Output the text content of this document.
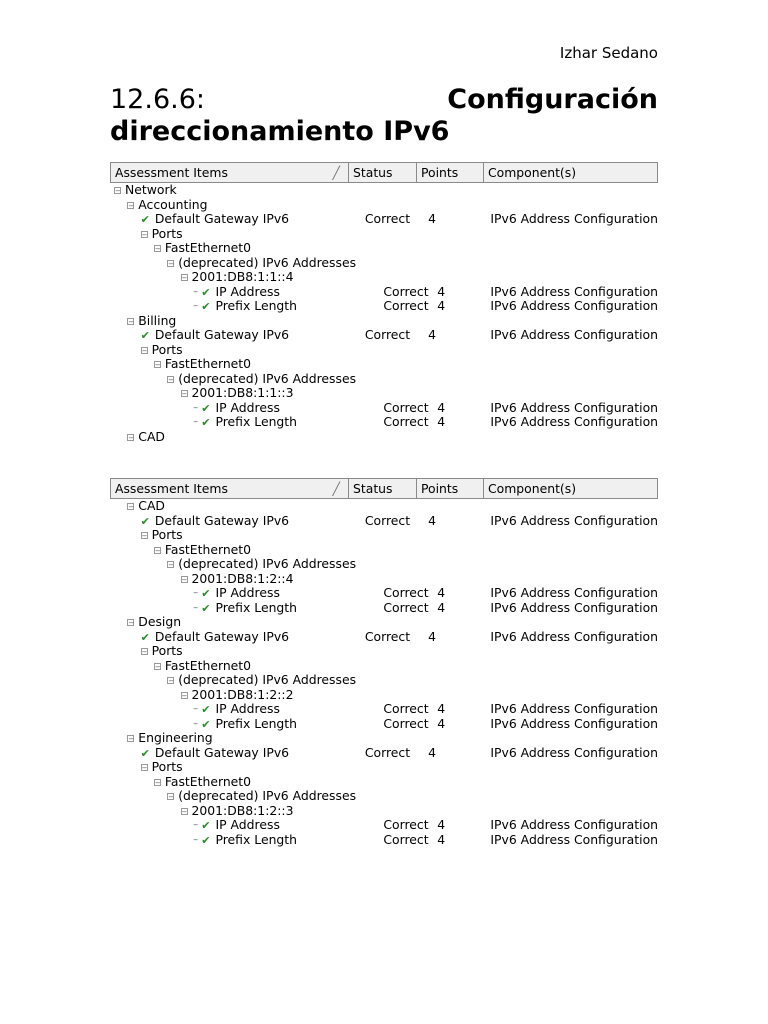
Izhar Sedano
12.6.6:	Configuración
direccionamiento IPv6
Assessment Items	╱	Status	Points	Component(s)
− Network
− Accounting
✔ Default Gateway IPv6	Correct	4	IPv6 Address Configuration
− Ports
− FastEthernet0
− (deprecated) IPv6 Addresses
− 2001:DB8:1:1::4
╴✔ IP Address	Correct 4	IPv6 Address Configuration
╴✔ Prefix Length	Correct 4	IPv6 Address Configuration
− Billing
✔ Default Gateway IPv6	Correct	4	IPv6 Address Configuration
− Ports
− FastEthernet0
− (deprecated) IPv6 Addresses
− 2001:DB8:1:1::3
╴✔ IP Address	Correct 4	IPv6 Address Configuration
╴✔ Prefix Length	Correct 4	IPv6 Address Configuration
− CAD
Assessment Items	╱	Status	Points	Component(s)
− CAD
✔ Default Gateway IPv6	Correct	4	IPv6 Address Configuration
− Ports
− FastEthernet0
− (deprecated) IPv6 Addresses
− 2001:DB8:1:2::4
╴✔ IP Address	Correct 4	IPv6 Address Configuration
╴✔ Prefix Length	Correct 4	IPv6 Address Configuration
− Design
✔ Default Gateway IPv6	Correct	4	IPv6 Address Configuration
− Ports
− FastEthernet0
− (deprecated) IPv6 Addresses
− 2001:DB8:1:2::2
╴✔ IP Address	Correct 4	IPv6 Address Configuration
╴✔ Prefix Length	Correct 4	IPv6 Address Configuration
− Engineering
✔ Default Gateway IPv6	Correct	4	IPv6 Address Configuration
− Ports
− FastEthernet0
− (deprecated) IPv6 Addresses
− 2001:DB8:1:2::3
╴✔ IP Address	Correct 4	IPv6 Address Configuration
╴✔ Prefix Length	Correct 4	IPv6 Address Configuration
